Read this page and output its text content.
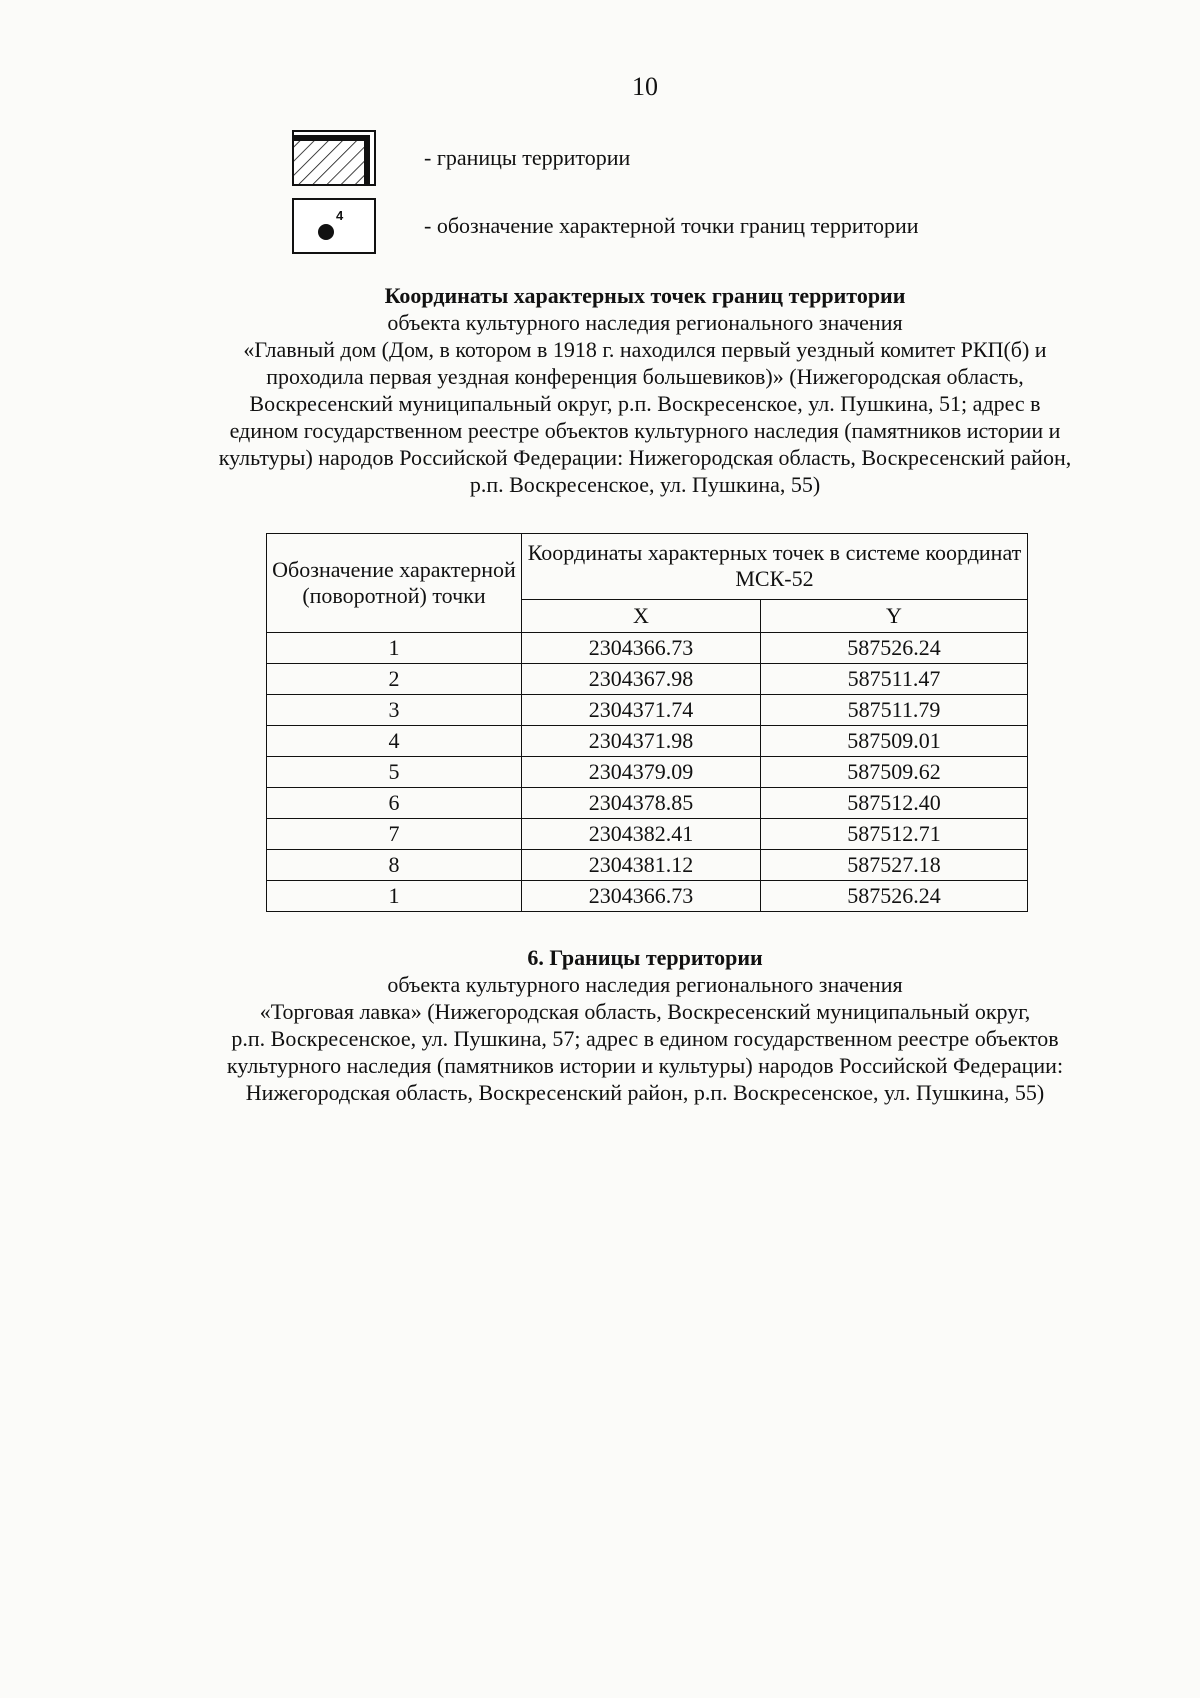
10
- границы территории
4	- обозначение характерной точки границ территории
Координаты характерных точек границ территории
объекта культурного наследия регионального значения
«Главный дом (Дом, в котором в 1918 г. находился первый уездный комитет РКП(б) и
проходила первая уездная конференция большевиков)» (Нижегородская область,
Воскресенский муниципальный округ, р.п. Воскресенское, ул. Пушкина, 51; адрес в
едином государственном реестре объектов культурного наследия (памятников истории и
культуры) народов Российской Федерации: Нижегородская область, Воскресенский район,
р.п. Воскресенское, ул. Пушкина, 55)
Обозначение характерной (поворотной) точки	Координаты характерных точек в системе координат МСК-52	
	X	Y
1	2304366.73	587526.24
2	2304367.98	587511.47
3	2304371.74	587511.79
4	2304371.98	587509.01
5	2304379.09	587509.62
6	2304378.85	587512.40
7	2304382.41	587512.71
8	2304381.12	587527.18
1	2304366.73	587526.24
6. Границы территории
объекта культурного наследия регионального значения
«Торговая лавка» (Нижегородская область, Воскресенский муниципальный округ,
р.п. Воскресенское, ул. Пушкина, 57; адрес в едином государственном реестре объектов
культурного наследия (памятников истории и культуры) народов Российской Федерации:
Нижегородская область, Воскресенский район, р.п. Воскресенское, ул. Пушкина, 55)
